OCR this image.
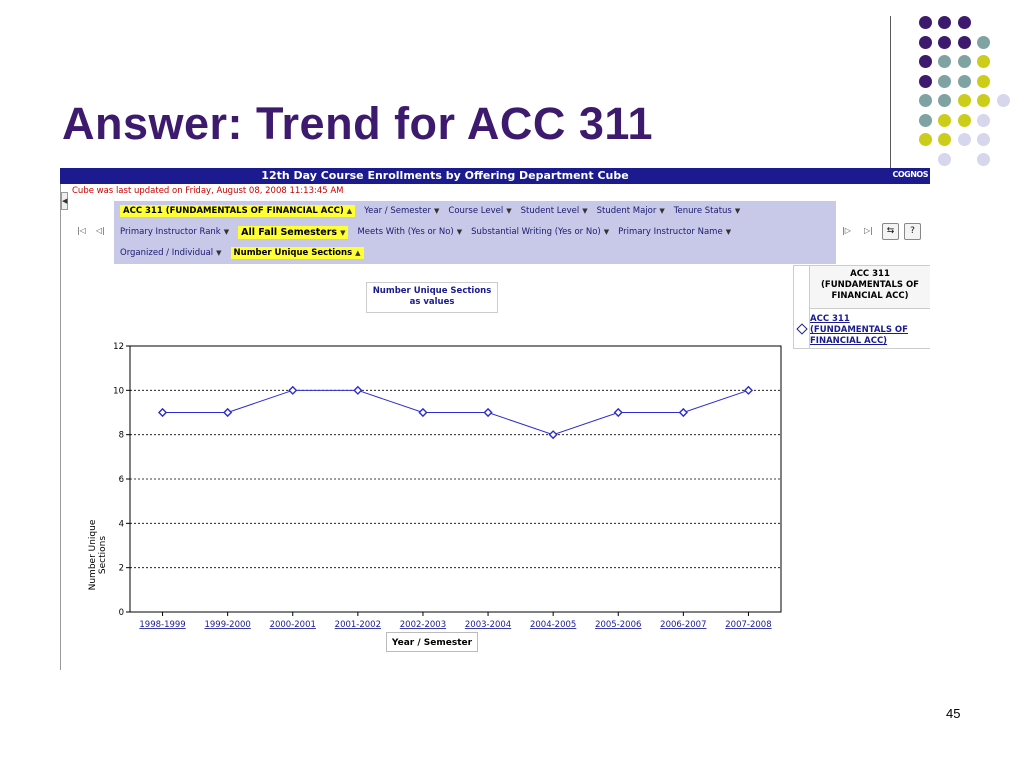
Answer: Trend for ACC 311
45
12th Day Course Enrollments by Offering Department Cube	COGNOS
◀
Cube was last updated on Friday, August 08, 2008 11:13:45 AM
|◁ ◁|	|▷ ▷|	⇆	?
ACC 311 (FUNDAMENTALS OF FINANCIAL ACC) ▲	Year / Semester ▼ Course Level ▼ Student Level ▼ Student Major ▼ Tenure Status ▼
Primary Instructor Rank ▼	All Fall Semesters ▼	Meets With (Yes or No) ▼ Substantial Writing (Yes or No) ▼ Primary Instructor Name ▼
Organized / Individual ▼	Number Unique Sections ▲
Number Unique Sections
as values
0
2
4
6
8
10
12
1998-1999 1999-2000 2000-2001 2001-2002 2002-2003 2003-2004 2004-2005 2005-2006 2006-2007 2007-2008
Number Unique Sections
Year / Semester
ACC 311
(FUNDAMENTALS OF
FINANCIAL ACC)
ACC 311
(FUNDAMENTALS OF
FINANCIAL ACC)
